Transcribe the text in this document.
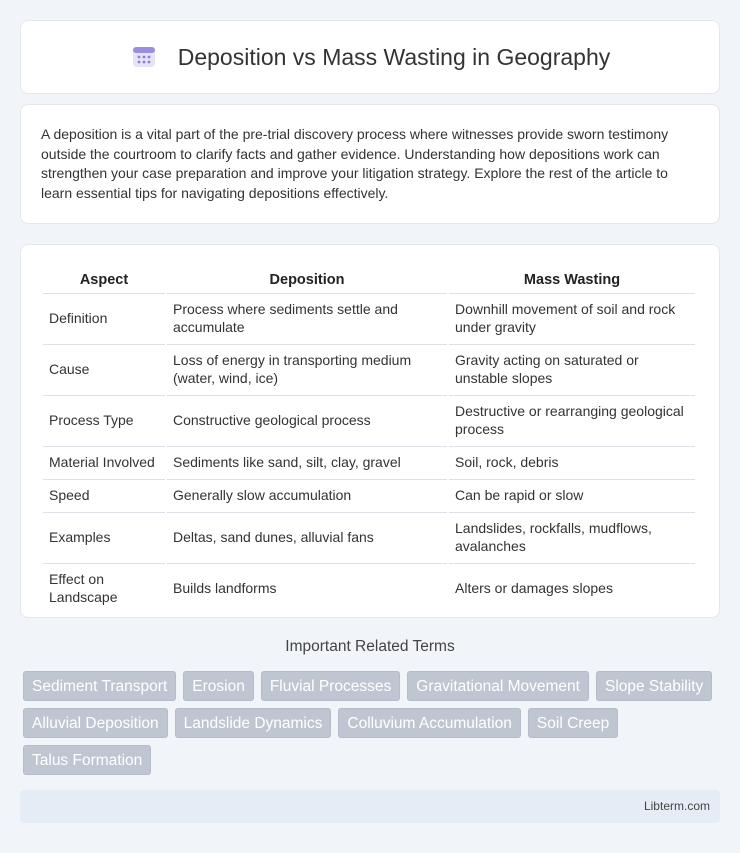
Deposition vs Mass Wasting in Geography

A deposition is a vital part of the pre-trial discovery process where witnesses provide sworn testimony outside the courtroom to clarify facts and gather evidence. Understanding how depositions work can strengthen your case preparation and improve your litigation strategy. Explore the rest of the article to learn essential tips for navigating depositions effectively.

Aspect	Deposition	Mass Wasting
Definition	Process where sediments settle and accumulate	Downhill movement of soil and rock under gravity
Cause	Loss of energy in transporting medium (water, wind, ice)	Gravity acting on saturated or unstable slopes
Process Type	Constructive geological process	Destructive or rearranging geological process
Material Involved	Sediments like sand, silt, clay, gravel	Soil, rock, debris
Speed	Generally slow accumulation	Can be rapid or slow
Examples	Deltas, sand dunes, alluvial fans	Landslides, rockfalls, mudflows, avalanches
Effect on Landscape	Builds landforms	Alters or damages slopes
Important Related Terms
Sediment Transport	Erosion	Fluvial Processes	Gravitational Movement	Slope Stability
Alluvial Deposition	Landslide Dynamics	Colluvium Accumulation	Soil Creep
Talus Formation
Libterm.com
